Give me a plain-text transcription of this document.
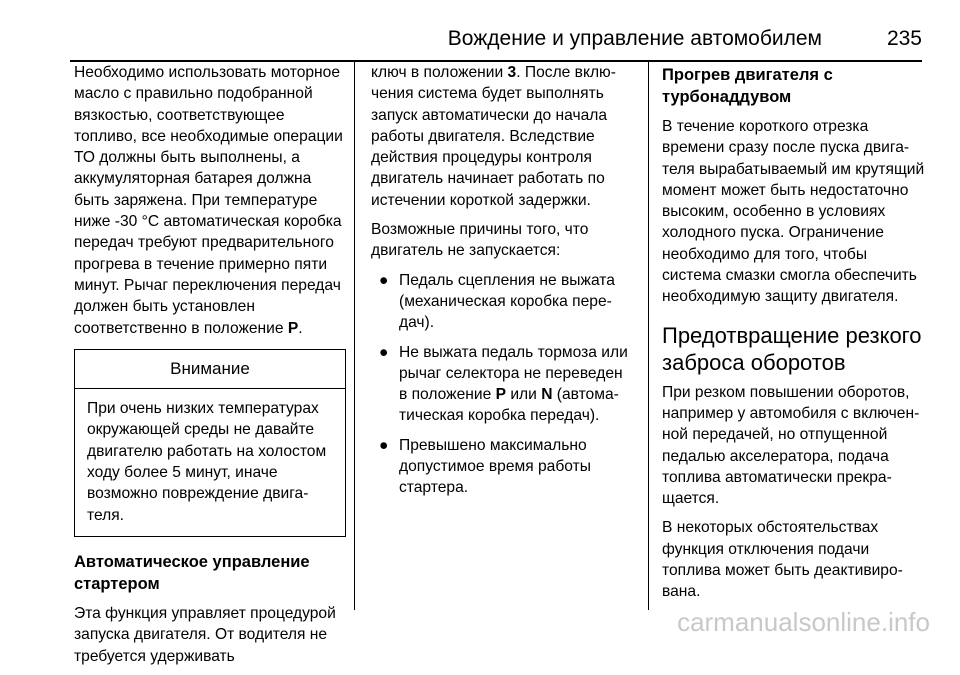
Вождение и управление автомобилем	235

Необходимо использовать моторное масло с правильно подобранной вязкостью, соответствующее топливо, все необходимые операции ТО должны быть выполнены, а аккумуляторная батарея должна быть заряжена. При температуре ниже -30 °C автоматическая коробка передач требуют предварительного прогрева в течение примерно пяти минут. Рычаг переключения передач должен быть установлен соответственно в положение P.

Внимание
При очень низких температурах окружающей среды не давайте двигателю работать на холостом ходу более 5 минут, иначе возможно повреждение двигателя.
Автоматическое управление стартером

Эта функция управляет процедурой запуска двигателя. От водителя не требуется удерживать

ключ в положении 3. После включения система будет выполнять запуск автоматически до начала работы двигателя. Вследствие действия процедуры контроля двигатель начинает работать по истечении короткой задержки.

Возможные причины того, что двигатель не запускается:

● Педаль сцепления не выжата (механическая коробка передач).
● Не выжата педаль тормоза или рычаг селектора не переведен в положение P или N (автоматическая коробка передач).
● Превышено максимально допустимое время работы стартера.
Прогрев двигателя с турбонаддувом

В течение короткого отрезка времени сразу после пуска двигателя вырабатываемый им крутящий момент может быть недостаточно высоким, особенно в условиях холодного пуска. Ограничение необходимо для того, чтобы система смазки смогла обеспечить необходимую защиту двигателя.

Предотвращение резкого заброса оборотов

При резком повышении оборотов, например у автомобиля с включенной передачей, но отпущенной педалью акселератора, подача топлива автоматически прекращается.

В некоторых обстоятельствах функция отключения подачи топлива может быть деактивирована.

carmanualsonline.info
